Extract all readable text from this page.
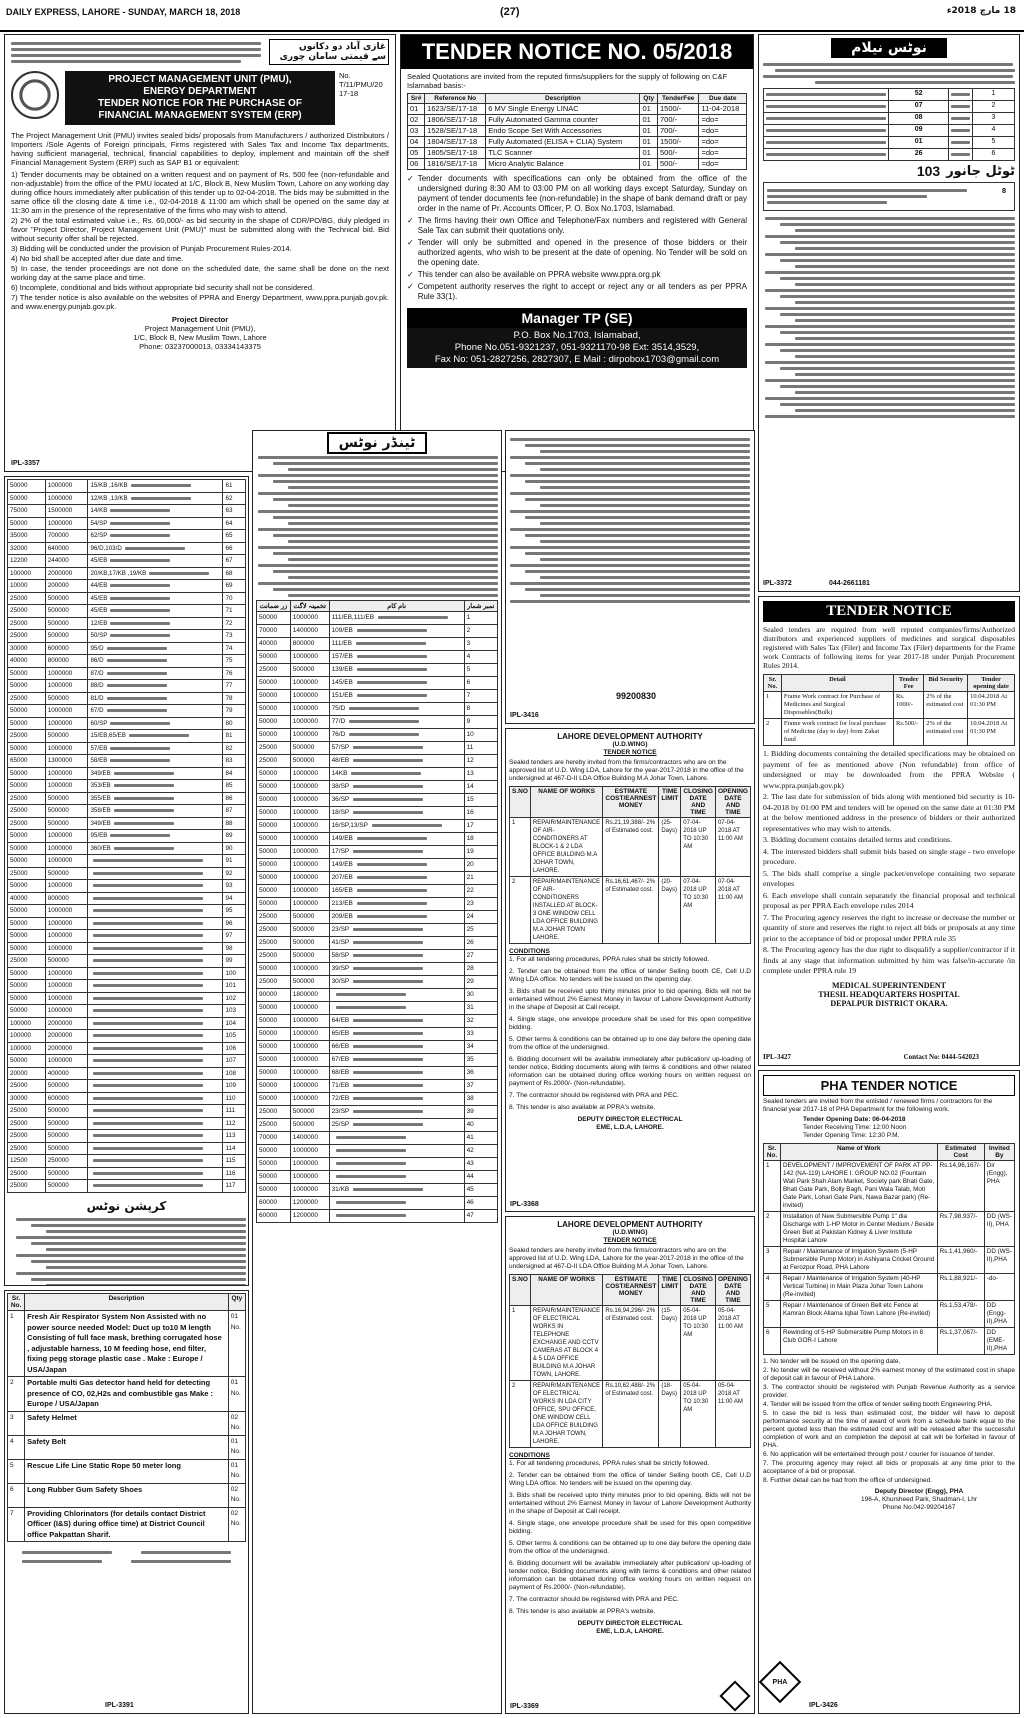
DAILY EXPRESS, LAHORE - SUNDAY, MARCH 18, 2018	(27)	18 مارچ 2018ء
غازی آباد دو دکانوں
سے قیمتی سامان چوری
PROJECT MANAGEMENT UNIT (PMU),
ENERGY DEPARTMENT
TENDER NOTICE FOR THE PURCHASE OF
FINANCIAL MANAGEMENT SYSTEM (ERP)
No. T/11/PMU/20 17-18
The Project Management Unit (PMU) invites sealed bids/ proposals from Manufacturers / authorized Distributors / Importers /Sole Agents of Foreign principals, Firms registered with Sales Tax and Income Tax departments, having sufficient managerial, technical, financial capabilities to deploy, implement and maintain off the shelf Financial Management System (ERP) such as SAP B1 or equivalent:
1) Tender documents may be obtained on a written request and on payment of Rs. 500 fee (non-refundable and non-adjustable) from the office of the PMU located at 1/C, Block B, New Muslim Town, Lahore on any working day during office hours immediately after publication of this tender up to 02-04-2018. The bids may be submitted in the same office till the closing date & time i.e., 02-04-2018 & 11:00 am which shall be opened on the same day at 11:30 am in the presence of the representative of the firms who may wish to attend.
2) 2% of the total estimated value i.e., Rs. 60,000/- as bid security in the shape of CDR/PO/BG, duly pledged in favor "Project Director, Project Management Unit (PMU)" must be submitted along with the Technical bid. Bid without security offer shall be rejected.
3) Bidding will be conducted under the provision of Punjab Procurement Rules-2014.
4) No bid shall be accepted after due date and time.
5) In case, the tender proceedings are not done on the scheduled date, the same shall be done on the next working day at the same place and time.
6) Incomplete, conditional and bids without appropriate bid security shall not be considered.
7) The tender notice is also available on the websites of PPRA and Energy Department, www.ppra.punjab.gov.pk. and www.energy.punjab.gov.pk.
Project Director
Project Management Unit (PMU),
1/C, Block B, New Muslim Town, Lahore
Phone: 03237000013, 03334143375
IPL-3357
TENDER NOTICE NO. 05/2018
Sealed Quotations are invited from the reputed firms/suppliers for the supply of following on C&F Islamabad basis:-
Sr#	Reference No	Description	Qty	TenderFee	Due date
01	1623/SE/17-18	6 MV Single Energy LINAC	01	1500/-	11-04-2018
02	1806/SE/17-18	Fully Automated Gamma counter	01	700/-	=do=
03	1528/SE/17-18	Endo Scope Set With Accessories	01	700/-	=do=
04	1804/SE/17-18	Fully Automated (ELISA + CLIA) System	01	1500/-	=do=
05	1805/SE/17-18	TLC Scanner	01	500/-	=do=
06	1816/SE/17-18	Micro Analytic Balance	01	500/-	=do=
✓ Tender documents with specifications can only be obtained from the office of the undersigned during 8:30 AM to 03:00 PM on all working days except Saturday, Sunday on payment of tender documents fee (non-refundable) in the shape of bank demand draft or pay order in the name of Pr. Accounts Officer, P. O. Box No.1703, Islamabad.
✓ The firms having their own Office and Telephone/Fax numbers and registered with General Sale Tax can submit their quotations only.
✓ Tender will only be submitted and opened in the presence of those bidders or their authorized agents, who wish to be present at the date of opening. No Tender will be sold on the opening date.
✓ This tender can also be available on PPRA website www.ppra.org.pk
✓ Competent authority reserves the right to accept or reject any or all tenders as per PPRA Rule 33(1).
Manager TP (SE)
P.O. Box No.1703, Islamabad,
Phone No.051-9321237, 051-9321170-98 Ext: 3514,3529,
Fax No: 051-2827256, 2827307, E Mail : dirpobox1703@gmail.com
نوٹس نیلام
	52		1

	07		2

	08		3

	09		4

	01		5

	26		6
103 ٹوٹل جانور
8
IPL-3372	044-2661181
TENDER NOTICE
Sealed tenders are required from well reputed companies/firms/Authorized distributors and experienced suppliers of medicines and surgical disposables registered with Sales Tax (Filer) and Income Tax (Filer) departments for the Frame work Contracts of following items for year 2017-18 under Punjab Procurement Rules 2014.
Sr. No.	Detail	Tender Fee	Bid Security	Tender opening date
1	Frame Work contract for Purchase of Medicines and Surgical Disposables(Bulk)	Rs. 1000/-	2% of the estimated cost	10.04.2018 At 01:30 PM
2	Frame work contract for local purchase of Medicine (day to day) from Zakat fund	Rs.500/-	2% of the estimated cost	10.04.2018 At 01:30 PM
1. Bidding documents containing the detailed specifications may be obtained on payment of fee as mentioned above (Non refundable) from office of undersigned or may be downloaded from the PPRA Website ( www.ppra.punjab.gov.pk)
2. The last date for submission of bids along with mentioned bid security is 10-04-2018 by 01:00 PM and tenders will be opened on the same date at 01:30 PM at the below mentioned address in the presence of bidders or their authorized representatives who may wish to attends.
3. Bidding document contains detailed terms and conditions.
4. The interested bidders shall submit bids based on single stage - two envelope procedure.
5. The bids shall comprise a single packet/envelope containing two separate envelopes
6. Each envelope shall contain separately the financial proposal and technical proposal as per PPRA Each envelope rules 2014
7. The Procuring agency reserves the right to increase or decrease the number or quantity of store and reserves the right to reject all bids or proposals at any time prior to the acceptance of bid or proposal under PPRA rule 35
8. The Procuring agency has the due right to disqualify a supplier/contractor if it finds at any stage that information submitted by him was false/in-accurate /in complete under PPRA rule 19
MEDICAL SUPERINTENDENT
THESIL HEADQUARTERS HOSPITAL
DEPALPUR DISTRICT OKARA.
IPL-3427	Contact No: 0444-542023
PHA TENDER NOTICE
Sealed tenders are invited from the enlisted / renewed firms / contractors for the financial year 2017-18 of PHA Department for the following work.
Tender Opening Date: 06-04-2018
Tender Receiving Time: 12:00 Noon
Tender Opening Time: 12:30 P.M.
Sr. No.	Name of Work	Estimated Cost	Invited By
1	DEVELOPMENT / IMPROVEMENT OF PARK AT PP-142 (NA-119) LAHORE I. GROUP NO.02 (Fountain Wali Park Shah Alam Market, Society park Bhati Gate, Bhati Gate Park, Bolly Bagh, Pani Wala Talab, Moti Gate Park, Lohari Gate Park, Nawa Bazar park) (Re-invited)	Rs.14,96,167/-	Dir (Engg), PHA
2	Installation of New Submersible Pump 1" dia Discharge with 1-HP Motor in Center Medium / Beside Green Belt at Pakistan Kidney & Liver Institute Hospital Lahore	Rs.7,98,937/-	DD (WS-II), PHA
3	Repair / Maintenance of Irrigation System (5-HP Submersible Pump Motor) in Ashiyana Cricket Ground at Ferozpur Road, PHA Lahore	Rs.1,41,960/-	DD (WS-II),PHA
4	Repair / Maintenance of Irrigation System (40-HP Vertical Turbine) in Main Plaza Johar Town Lahore (Re-invited)	Rs.1,88,921/-	-do-
5	Repair / Maintenance of Green Belt etc Fence at Kamran Block Allama Iqbal Town Lahore (Re-invited)	Rs.1,53,478/-	DD (Engg-II),PHA
6	Rewinding of 5-HP Submersible Pump Motors in 8 Club GOR-I Lahore	Rs.1,37,067/-	DD (EME-II),PHA
1. No tender will be issued on the opening date.
2. No tender will be received without 2% earnest money of the estimated cost in shape of deposit call in favour of PHA Lahore.
3. The contractor should be registered with Punjab Revenue Authority as a service provider.
4. Tender will be issued from the office of tender selling booth Engineering PHA.
5. In case the bid is less than estimated cost, the bidder will have to deposit performance security at the time of award of work from a schedule bank equal to the percent quoted less than the estimated cost and will be released after the successful completion of work and on completion the deposit at call will be forfeited in favour of PHA.
6. No application will be entertained through post / courier for issuance of tender.
7. The procuring agency may reject all bids or proposals at any time prior to the acceptance of a bid or proposal.
8. Further detail can be had from the office of undersigned.
Deputy Director (Engg), PHA
196-A, Khursheed Park, Shadman-I, Lhr
Phone No.042-99204167
PHA
IPL-3426
LAHORE DEVELOPMENT AUTHORITY
(U.D.WING)
TENDER NOTICE
Sealed tenders are hereby invited from the firms/contractors who are on the approved list of U.D. Wing LDA, Lahore for the year-2017-2018 in the office of the undersigned at 467-D-II LDA Office Building M.A Johar Town, Lahore.
S.NO	NAME OF WORKS	ESTIMATE COST/EARNEST MONEY	TIME LIMIT	CLOSING DATE AND TIME	OPENING DATE AND TIME
1	REPAIR/MAINTENANCE OF AIR-CONDITIONERS AT BLOCK-1 & 2 LDA OFFICE BUILDING M.A JOHAR TOWN, LAHORE.	Rs.21,19,388/- 2% of Estimated cost.	(25-Days)	07-04-2018 UP TO 10:30 AM	07-04-2018 AT 11:00 AM
2	REPAIR/MAINTENANCE OF AIR-CONDITIONERS INSTALLED AT BLOCK-3 ONE WINDOW CELL LDA OFFICE BUILDING M.A JOHAR TOWN LAHORE.	Rs.16,61,467/- 2% of Estimated cost.	(20-Days)	07-04-2018 UP TO 10:30 AM	07-04-2018 AT 11:00 AM
CONDITIONS
1. For all tendering procedures, PPRA rules shall be strictly followed.
2. Tender can be obtained from the office of tender Selling booth CE, Cell U.D Wing LDA office. No tenders will be issued on the opening day.
3. Bids shall be received upto thirty minutes prior to bid opening. Bids will not be entertained without 2% Earnest Money in favour of Lahore Development Authority in the shape of Deposit at Call receipt.
4. Single stage, one envelope procedure shall be used for this open competitive bidding.
5. Other terms & conditions can be obtained up to one day before the opening date from the office of the undersigned.
6. Bidding document will be available immediately after publication/ up-loading of tender notice, Bidding documents along with terms & conditions and other related information can be obtained during office working hours on written request on payment of Rs.2000/- (Non-refundable).
7. The contractor should be registered with PRA and PEC.
8. This tender is also available at PPRA's website.
DEPUTY DIRECTOR ELECTRICAL
EME, L.D.A, LAHORE.
IPL-3368
LAHORE DEVELOPMENT AUTHORITY
(U.D.WING)
TENDER NOTICE
Sealed tenders are hereby invited from the firms/contractors who are on the approved list of U.D. Wing LDA, Lahore for the year-2017-2018 in the office of the undersigned at 467-D-II LDA Office Building M.A Johar Town, Lahore.
S.NO	NAME OF WORKS	ESTIMATE COST/EARNEST MONEY	TIME LIMIT	CLOSING DATE AND TIME	OPENING DATE AND TIME
1	REPAIR/MAINTENANCE OF ELECTRICAL WORKS IN TELEPHONE EXCHANGE AND CCTV CAMERAS AT BLOCK 4 & 5 LDA OFFICE BUILDING M.A JOHAR TOWN, LAHORE.	Rs.16,94,296/- 2% of Estimated cost.	(15-Days)	05-04-2018 UP TO 10:30 AM	05-04-2018 AT 11:00 AM
2	REPAIR/MAINTENANCE OF ELECTRICAL WORKS IN LDA CITY OFFICE, SPU OFFICE, ONE WINDOW CELL LDA OFFICE BUILDING M.A JOHAR TOWN, LAHORE.	Rs.10,62,488/- 2% of Estimated cost.	(18-Days)	05-04-2018 UP TO 10:30 AM	05-04-2018 AT 11:00 AM
CONDITIONS
1. For all tendering procedures, PPRA rules shall be strictly followed.
2. Tender can be obtained from the office of tender Selling booth CE, Cell U.D Wing LDA office. No tenders will be issued on the opening day.
3. Bids shall be received upto thirty minutes prior to bid opening. Bids will not be entertained without 2% Earnest Money in favour of Lahore Development Authority in the shape of Deposit at Call receipt.
4. Single stage, one envelope procedure shall be used for this open competitive bidding.
5. Other terms & conditions can be obtained up to one day before the opening date from the office of the undersigned.
6. Bidding document will be available immediately after publication/ up-loading of tender notice, Bidding documents along with terms & conditions and other related information can be obtained during office working hours on written request on payment of Rs.2000/- (Non-refundable).
7. The contractor should be registered with PRA and PEC.
8. This tender is also available at PPRA's website.
DEPUTY DIRECTOR ELECTRICAL
EME, L.D.A, LAHORE.
IPL-3369
IPL-3416
99200830
ٹینڈر نوٹس
زر ضمانت	تخمینہ لاگت	نام کام	نمبر شمار
50000	1000000	111/EB,111/EB	1
70000	1400000	109/EB	2
40000	800000	111/EB	3
50000	1000000	157/EB	4
25000	500000	139/EB	5
50000	1000000	145/EB	6
50000	1000000	151/EB	7
50000	1000000	75/D	8
50000	1000000	77/D	9
50000	1000000	76/D	10
25000	500000	57/SP	11
25000	500000	48/EB	12
50000	1000000	14KB	13
50000	1000000	38/SP	14
50000	1000000	36/SP	15
50000	1000000	18/SP	16
50000	1000000	16/SP,13/SP	17
50000	1000000	149/EB	18
50000	1000000	17/SP	19
50000	1000000	149/EB	20
50000	1000000	207/EB	21
50000	1000000	165/EB	22
50000	1000000	213/EB	23
25000	500000	209/EB	24
25000	500000	23/SP	25
25000	500000	41/SP	26
25000	500000	58/SP	27
50000	1000000	39/SP	28
25000	500000	30/SP	29
90000	1800000		30
50000	1000000		31
50000	1000000	64/EB	32
50000	1000000	65/EB	33
50000	1000000	66/EB	34
50000	1000000	67/EB	35
50000	1000000	68/EB	36
50000	1000000	71/EB	37
50000	1000000	72/EB	38
25000	500000	23/SP	39
25000	500000	25/SP	40
70000	1400000		41
50000	1000000		42
50000	1000000		43
50000	1000000		44
50000	1000000	31/KB	45
60000	1200000		46
60000	1200000		47
50000	1000000	15/KB ,16/KB	61
50000	1000000	12/KB ,13/KB	62
75000	1500000	14/KB	63
50000	1000000	54/SP	64
35000	700000	62/SP	65
32000	640000	96/D,103/D	66
12200	244000	45/EB	67
100000	2000000	20/KB,17/KB ,19/KB	68
10000	200000	44/EB	69
25000	500000	45/EB	70
25000	500000	45/EB	71
25000	500000	12/EB	72
25000	500000	50/SP	73
30000	600000	95/D	74
40000	800000	86/D	75
50000	1000000	87/D	76
50000	1000000	88/D	77
25000	500000	81/D	78
50000	1000000	67/D	79
50000	1000000	60/SP	80
25000	500000	15/EB,65/EB	81
50000	1000000	57/EB	82
65000	1300000	58/EB	83
50000	1000000	349/EB	84
50000	1000000	353/EB	85
25000	500000	355/EB	86
25000	500000	358/EB	87
25000	500000	349/EB	88
50000	1000000	95/EB	89
50000	1000000	360/EB	90
50000	1000000		91
25000	500000		92
50000	1000000		93
40000	800000		94
50000	1000000		95
50000	1000000		96
50000	1000000		97
50000	1000000		98
25000	500000		99
50000	1000000		100
50000	1000000		101
50000	1000000		102
50000	1000000		103
100000	2000000		104
100000	2000000		105
100000	2000000		106
50000	1000000		107
20000	400000		108
25000	500000		109
30000	600000		110
25000	500000		111
25000	500000		112
25000	500000		113
25000	500000		114
12500	250000		115
25000	500000		116
25000	500000		117
کرپشن نوٹس
Sr. No.	Description	Qty
1	Fresh Air Respirator System Non Assisted with no power source needed Model: Duct up to10 M length Consisting of full face mask, brething corrugated hose , adjustable harness, 10 M feeding hose, end filter, fixing pegg storage plastic case . Make : Europe / USA/Japan	01 No.
2	Portable multi Gas detector hand held for detecting presence of CO, 02,H2s and combustible gas Make : Europe / USA/Japan	01 No.
3	Safety Helmet	02 No.
4	Safety Belt	01 No.
5	Rescue Life Line Static Rope 50 meter long	01 No.
6	Long Rubber Gum Safety Shoes	02 No.
7	Providing Chlorinators (for details contact District Officer (I&S) during office time) at District Council office Pakpattan Sharif.	02 No.
IPL-3391
